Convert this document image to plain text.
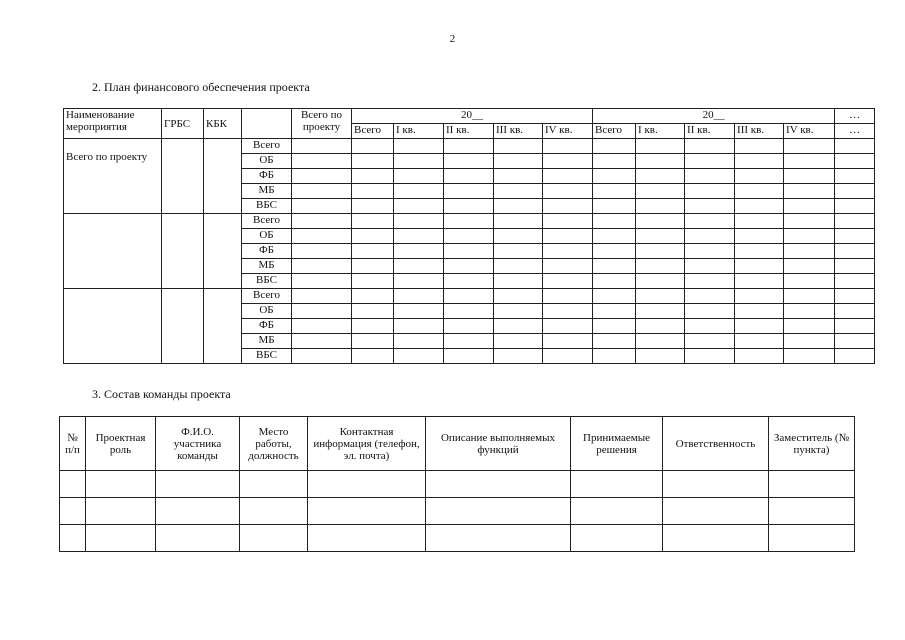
2
2. План финансового обеспечения проекта
3. Состав команды проекта
Наименование мероприятия	ГРБС	КБК		Всего по проекту	20__					20__					…
					Всего	I кв.	II кв.	III кв.	IV кв.	Всего	I кв.	II кв.	III кв.	IV кв.	…
Всего по проекту			Всего												
			ОБ												
			ФБ												
			МБ												
			ВБС												
			Всего												
			ОБ												
			ФБ												
			МБ												
			ВБС												
			Всего												
			ОБ												
			ФБ												
			МБ												
			ВБС												
№ п/п	Проектная роль	Ф.И.О. участника команды	Место работы, должность	Контактная информация (телефон, эл. почта)	Описание выполняемых функций	Принимаемые решения	Ответственность	Заместитель (№ пункта)
